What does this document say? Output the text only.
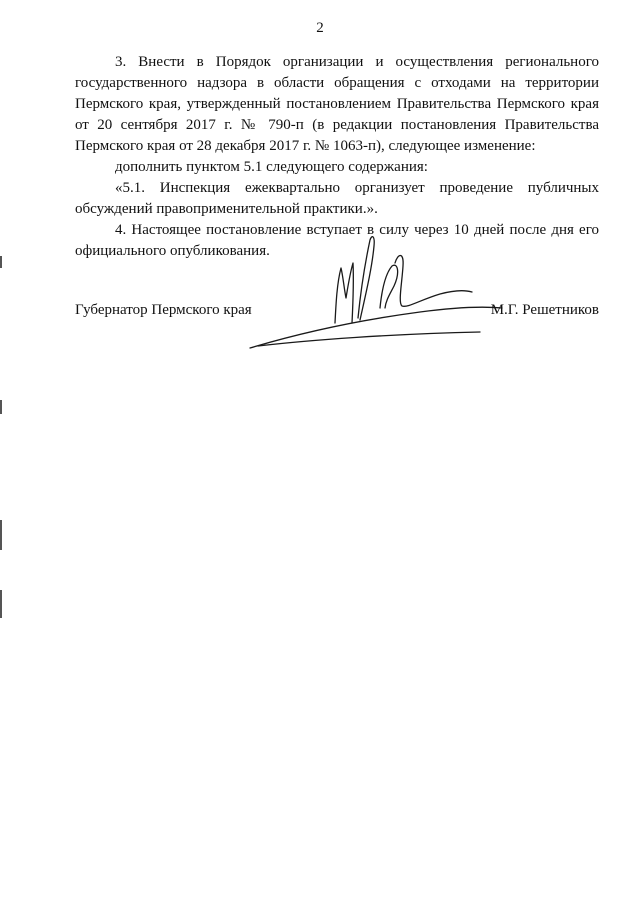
2

3. Внести в Порядок организации и осуществления регионального государственного надзора в области обращения с отходами на территории Пермского края, утвержденный постановлением Правительства Пермского края от 20 сентября 2017 г. № 790-п (в редакции постановления Правительства Пермского края от 28 декабря 2017 г. № 1063-п), следующее изменение:

дополнить пунктом 5.1 следующего содержания:

«5.1. Инспекция ежеквартально организует проведение публичных обсуждений правоприменительной практики.».

4. Настоящее постановление вступает в силу через 10 дней после дня его официального опубликования.

Губернатор Пермского края	М.Г. Решетников
